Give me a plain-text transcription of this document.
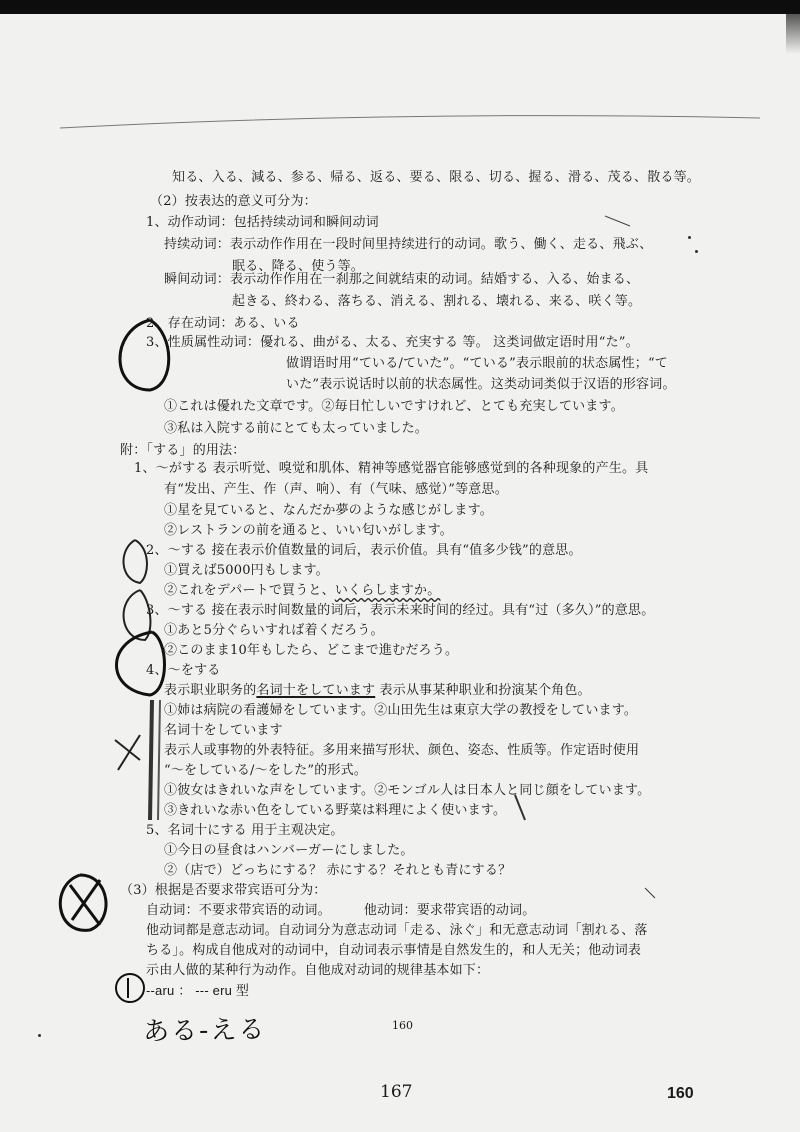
知る、入る、減る、参る、帰る、返る、要る、限る、切る、握る、滑る、茂る、散る等。
（2）按表达的意义可分为：
1、动作动词：包括持续动词和瞬间动词
持续动词：表示动作作用在一段时间里持续进行的动词。歌う、働く、走る、飛ぶ、
眠る、降る、使う等。
瞬间动词：表示动作作用在一刹那之间就结束的动词。結婚する、入る、始まる、
起きる、終わる、落ちる、消える、割れる、壊れる、来る、咲く等。
2、存在动词：ある、いる
3、性质属性动词：優れる、曲がる、太る、充実する 等。 这类词做定语时用“た”。
做谓语时用“ている/ていた”。“ている”表示眼前的状态属性；“て
いた”表示说话时以前的状态属性。这类动词类似于汉语的形容词。
①これは優れた文章です。②毎日忙しいですけれど、とても充実しています。
③私は入院する前にとても太っていました。
附：「する」的用法：
1、～がする 表示听觉、嗅觉和肌体、精神等感觉器官能够感觉到的各种现象的产生。具
有“发出、产生、作（声、响）、有（气味、感觉）”等意思。
①星を見ていると、なんだか夢のような感じがします。
②レストランの前を通ると、いい匂いがします。
2、～する 接在表示价值数量的词后，表示价值。具有“值多少钱”的意思。
①買えば5000円もします。
②これをデパートで買うと、いくらしますか。
3、～する 接在表示时间数量的词后，表示未来时间的经过。具有“过（多久）”的意思。
①あと5分ぐらいすれば着くだろう。
②このまま10年もしたら、どこまで進むだろう。
4、～をする
表示职业职务的名词十をしています 表示从事某种职业和扮演某个角色。
①姉は病院の看護婦をしています。②山田先生は東京大学の教授をしています。
名词十をしています
表示人或事物的外表特征。多用来描写形状、颜色、姿态、性质等。作定语时使用
“～をしている/～をした”的形式。
①彼女はきれいな声をしています。②モンゴル人は日本人と同じ顔をしています。
③きれいな赤い色をしている野菜は料理によく使います。
5、名词十にする 用于主观决定。
①今日の昼食はハンバーガーにしました。
②（店で）どっちにする？ 赤にする？それとも青にする？
（3）根据是否要求带宾语可分为：
自动词：不要求带宾语的动词。　　　他动词：要求带宾语的动词。
他动词都是意志动词。自动词分为意志动词「走る、泳ぐ」和无意志动词「割れる、落
ちる」。构成自他成对的动词中，自动词表示事情是自然发生的，和人无关；他动词表
示由人做的某种行为动作。自他成对动词的规律基本如下：
--aru ： --- eru 型
ある-える	160
167	160
